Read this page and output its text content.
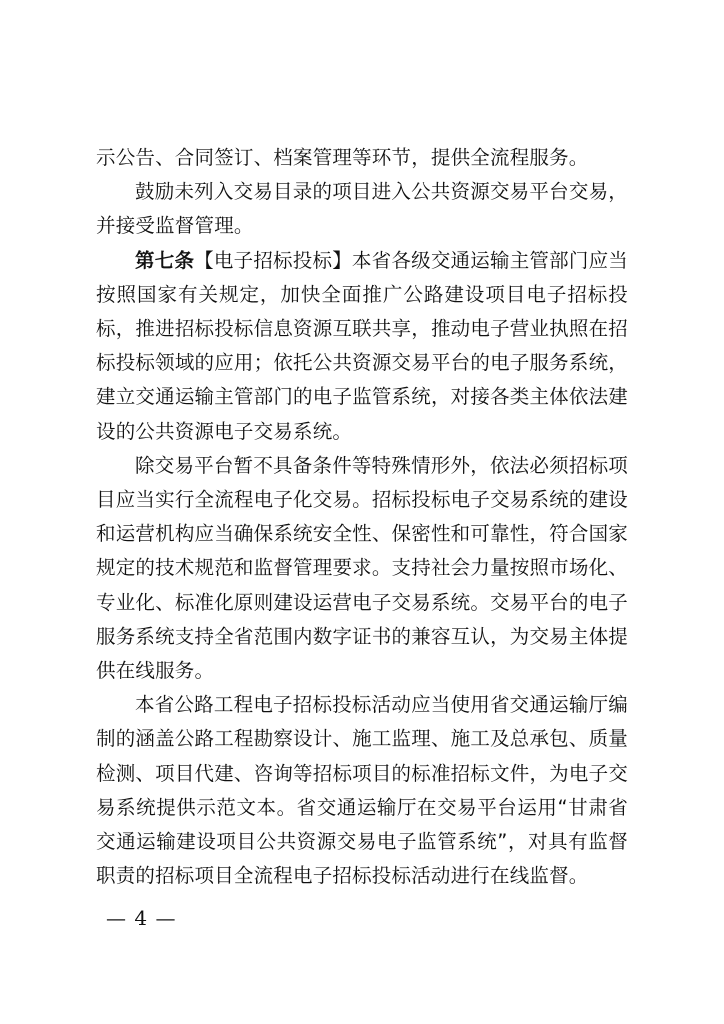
示公告、合同签订、档案管理等环节，提供全流程服务。

鼓励未列入交易目录的项目进入公共资源交易平台交易，并接受监督管理。

第七条【电子招标投标】本省各级交通运输主管部门应当按照国家有关规定，加快全面推广公路建设项目电子招标投标，推进招标投标信息资源互联共享，推动电子营业执照在招标投标领域的应用；依托公共资源交易平台的电子服务系统，建立交通运输主管部门的电子监管系统，对接各类主体依法建设的公共资源电子交易系统。

除交易平台暂不具备条件等特殊情形外，依法必须招标项目应当实行全流程电子化交易。招标投标电子交易系统的建设和运营机构应当确保系统安全性、保密性和可靠性，符合国家规定的技术规范和监督管理要求。支持社会力量按照市场化、专业化、标准化原则建设运营电子交易系统。交易平台的电子服务系统支持全省范围内数字证书的兼容互认，为交易主体提供在线服务。

本省公路工程电子招标投标活动应当使用省交通运输厅编制的涵盖公路工程勘察设计、施工监理、施工及总承包、质量检测、项目代建、咨询等招标项目的标准招标文件，为电子交易系统提供示范文本。省交通运输厅在交易平台运用“甘肃省交通运输建设项目公共资源交易电子监管系统”，对具有监督职责的招标项目全流程电子招标投标活动进行在线监督。

— 4 —
